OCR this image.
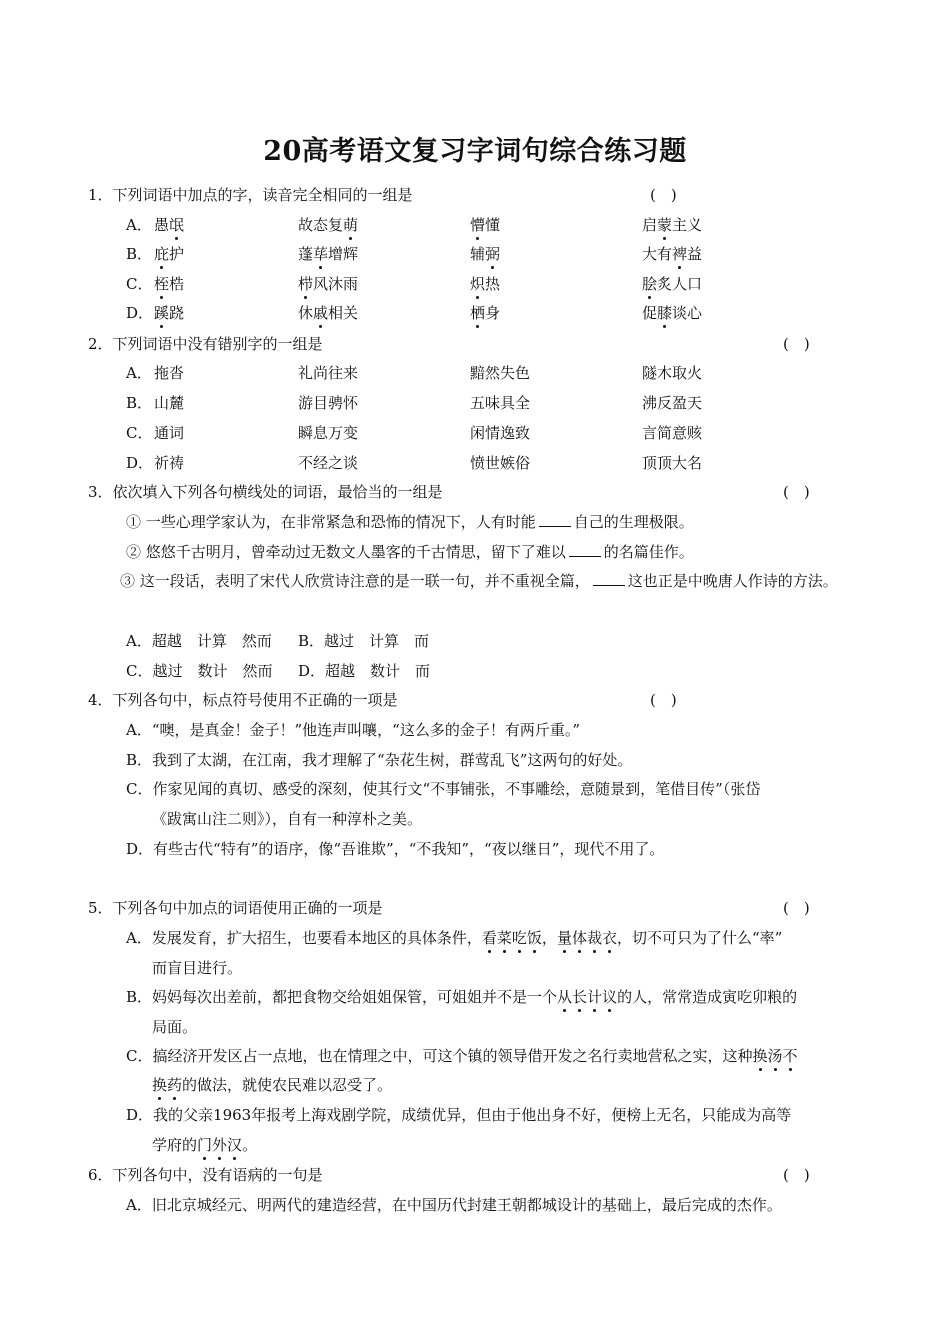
20高考语文复习字词句综合练习题
1．下列词语中加点的字，读音完全相同的一组是	(　)
A． 愚氓	故态复萌	懵懂	启蒙主义
B． 庇护	蓬荜增辉	辅弼	大有裨益
C． 桎梏	栉风沐雨	炽热	脍炙人口
D． 蹊跷	休戚相关	栖身	促膝谈心
2．下列词语中没有错别字的一组是	(　)
A． 拖沓	礼尚往来	黯然失色	隧木取火
B． 山麓	游目骋怀	五味具全	沸反盈天
C． 通词	瞬息万变	闲情逸致	言简意赅
D． 祈祷	不经之谈	愤世嫉俗	顶顶大名
3．依次填入下列各句横线处的词语，最恰当的一组是	(　)
① 一些心理学家认为，在非常紧急和恐怖的情况下，人有时能	自己的生理极限。
② 悠悠千古明月，曾牵动过无数文人墨客的千古情思，留下了难以	的名篇佳作。
③ 这一段话，表明了宋代人欣赏诗注意的是一联一句，并不重视全篇，	这也正是中晚唐人作诗的方法。
A．超越　计算　然而 B．越过　计算　而
C．越过　数计　然而 D．超越　数计　而
4．下列各句中，标点符号使用不正确的一项是	(　)
A．“噢，是真金！金子！”他连声叫嚷，“这么多的金子！有两斤重。”
B．我到了太湖，在江南，我才理解了“杂花生树，群莺乱飞”这两句的好处。
C．作家见闻的真切、感受的深刻，使其行文“不事铺张，不事雕绘，意随景到，笔借目传”（张岱
《跋寓山注二则》），自有一种淳朴之美。
D．有些古代“特有”的语序，像“吾谁欺”，“不我知”，“夜以继日”，现代不用了。
5．下列各句中加点的词语使用正确的一项是	(　)
A．发展发育，扩大招生，也要看本地区的具体条件，看菜吃饭，量体裁衣，切不可只为了什么“率”
而盲目进行。
B．妈妈每次出差前，都把食物交给姐姐保管，可姐姐并不是一个从长计议的人，常常造成寅吃卯粮的
局面。
C．搞经济开发区占一点地，也在情理之中，可这个镇的领导借开发之名行卖地营私之实，这种换汤不
换药的做法，就使农民难以忍受了。
D．我的父亲1963年报考上海戏剧学院，成绩优异，但由于他出身不好，便榜上无名，只能成为高等
学府的门外汉。
6．下列各句中，没有语病的一句是	(　)
A．旧北京城经元、明两代的建造经营，在中国历代封建王朝都城设计的基础上，最后完成的杰作。
